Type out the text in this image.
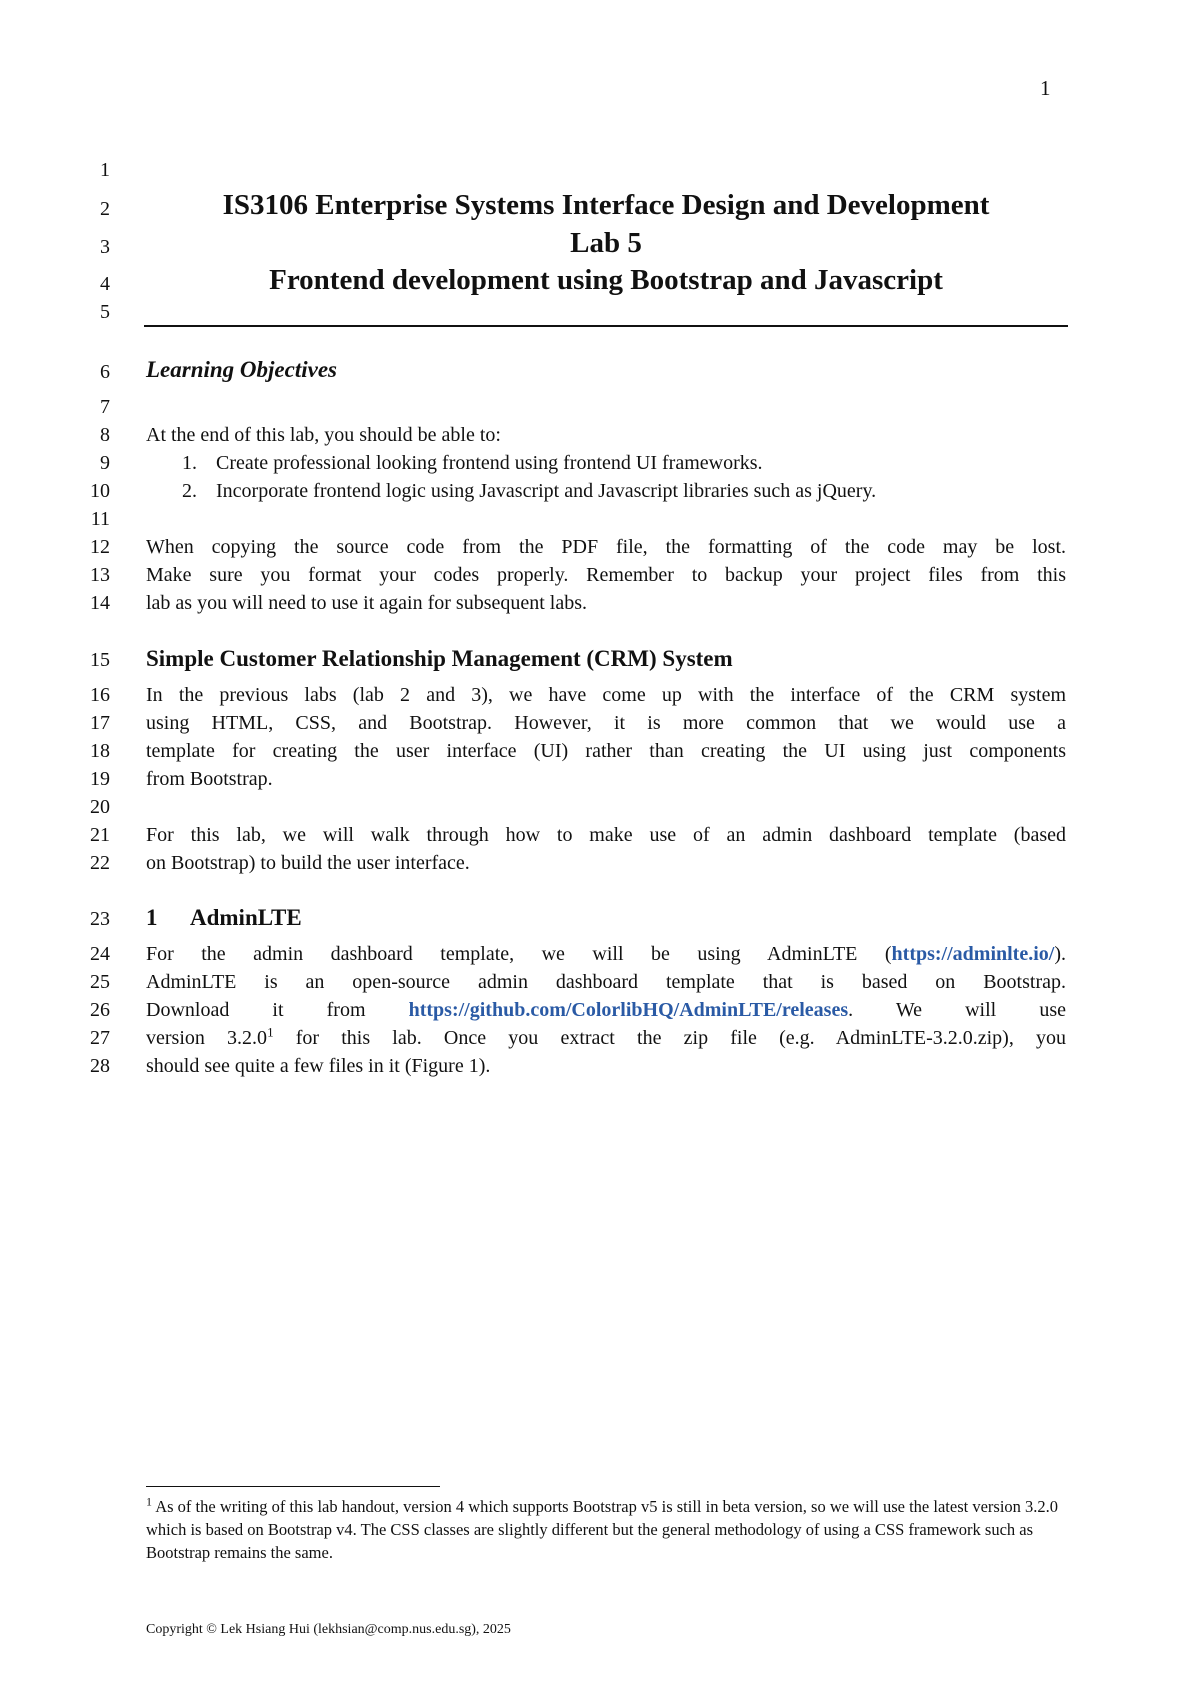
1
1
2
3
4
5
6
7
8
9
10
11
12
13
14
15
16
17
18
19
20
21
22
23
24
25
26
27
28
IS3106 Enterprise Systems Interface Design and Development
Lab 5
Frontend development using Bootstrap and Javascript
Learning Objectives
At the end of this lab, you should be able to:
1. Create professional looking frontend using frontend UI frameworks.
2. Incorporate frontend logic using Javascript and Javascript libraries such as jQuery.
When copying the source code from the PDF file, the formatting of the code may be lost.
Make sure you format your codes properly. Remember to backup your project files from this
lab as you will need to use it again for subsequent labs.
Simple Customer Relationship Management (CRM) System
In the previous labs (lab 2 and 3), we have come up with the interface of the CRM system
using HTML, CSS, and Bootstrap. However, it is more common that we would use a
template for creating the user interface (UI) rather than creating the UI using just components
from Bootstrap.
For this lab, we will walk through how to make use of an admin dashboard template (based
on Bootstrap) to build the user interface.
1 AdminLTE
For the admin dashboard template, we will be using AdminLTE (https://adminlte.io/).
AdminLTE is an open-source admin dashboard template that is based on Bootstrap.
Download it from https://github.com/ColorlibHQ/AdminLTE/releases. We will use
version 3.2.0$^1$ for this lab. Once you extract the zip file (e.g. AdminLTE-3.2.0.zip), you
should see quite a few files in it (Figure 1).
$^1$ As of the writing of this lab handout, version 4 which supports Bootstrap v5 is still in beta version, so we will use the latest version 3.2.0 which is based on Bootstrap v4. The CSS classes are slightly different but the general methodology of using a CSS framework such as Bootstrap remains the same.
Copyright © Lek Hsiang Hui (lekhsian@comp.nus.edu.sg), 2025
